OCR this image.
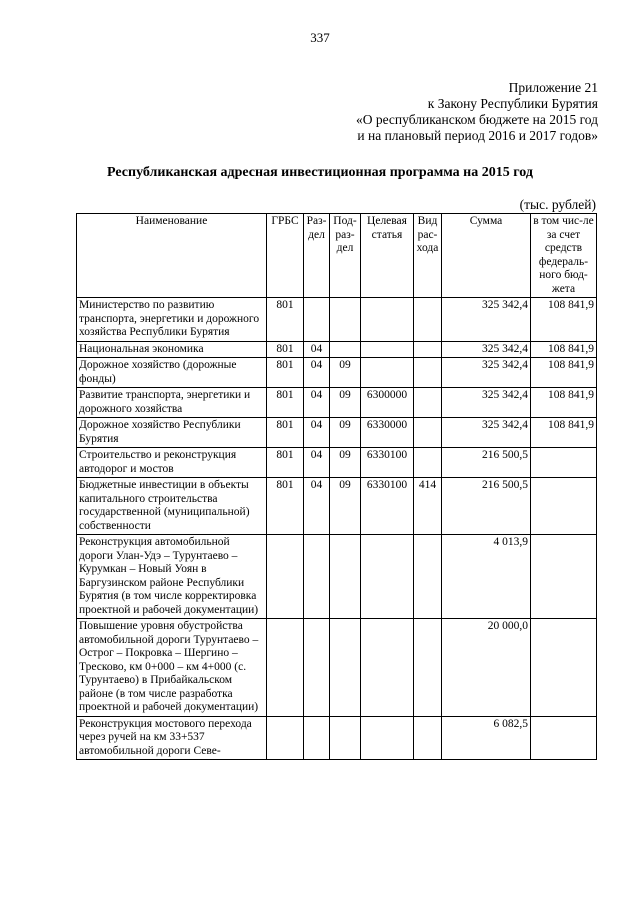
337
Приложение 21
к Закону Республики Бурятия
«О республиканском бюджете на 2015 год
и на плановый период 2016 и 2017 годов»
Республиканская адресная инвестиционная программа на 2015 год
(тыс. рублей)
Наименование	ГРБС	Раз-дел	Под-раз-дел	Целевая статья	Вид рас-хода	Сумма	в том чис-ле за счет средств федераль-ного бюд-жета
Министерство по развитию транспорта, энергетики и дорожного хозяйства Республики Бурятия	801					325 342,4	108 841,9
Национальная экономика	801	04				325 342,4	108 841,9
Дорожное хозяйство (дорожные фонды)	801	04	09			325 342,4	108 841,9
Развитие транспорта, энергетики и дорожного хозяйства	801	04	09	6300000		325 342,4	108 841,9
Дорожное хозяйство Республики Бурятия	801	04	09	6330000		325 342,4	108 841,9
Строительство и реконструкция автодорог и мостов	801	04	09	6330100		216 500,5	
Бюджетные инвестиции в объекты капитального строительства государственной (муниципальной) собственности	801	04	09	6330100	414	216 500,5	
Реконструкция автомобильной дороги Улан-Удэ – Турунтаево – Курумкан – Новый Уоян в Баргузинском районе Республики Бурятия (в том числе корректировка проектной и рабочей документации)						4 013,9	
Повышение уровня обустройства автомобильной дороги Турунтаево – Острог – Покровка – Шергино – Тресково, км 0+000 – км 4+000 (с. Турунтаево) в Прибайкальском районе (в том числе разработка проектной и рабочей документации)						20 000,0	
Реконструкция мостового перехода через ручей на км 33+537 автомобильной дороги Севе-						6 082,5	
